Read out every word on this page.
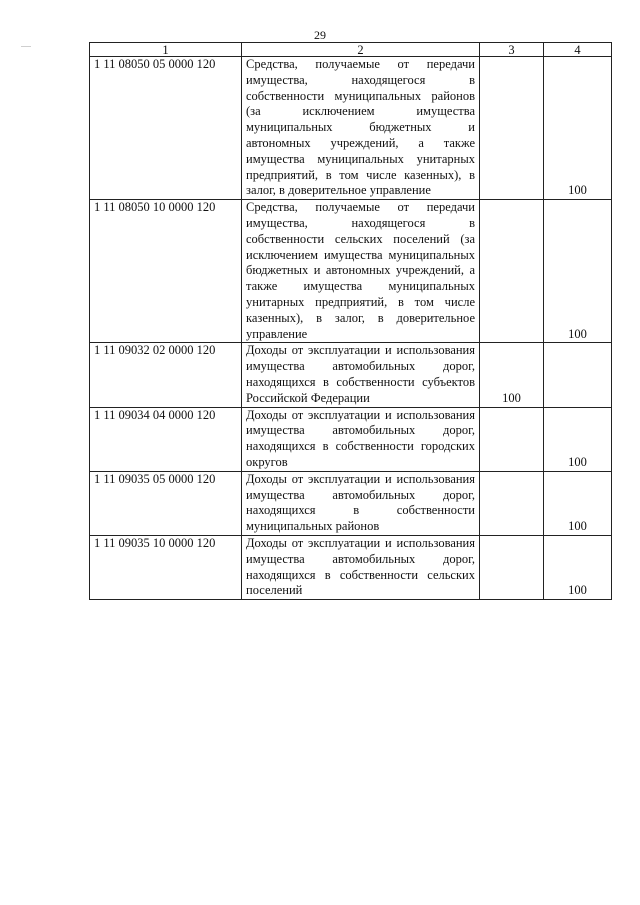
29
1	2	3	4
1 11 08050 05 0000 120	Средства, получаемые от передачи имущества, находящегося в собственности муниципальных районов (за исключением имущества муниципальных бюджетных и автономных учреждений, а также имущества муниципальных унитарных предприятий, в том числе казенных), в залог, в доверительное управление		100
1 11 08050 10 0000 120	Средства, получаемые от передачи имущества, находящегося в собственности сельских поселений (за исключением имущества муниципальных бюджетных и автономных учреждений, а также имущества муниципальных унитарных предприятий, в том числе казенных), в залог, в доверительное управление		100
1 11 09032 02 0000 120	Доходы от эксплуатации и использования имущества автомобильных дорог, находящихся в собственности субъектов Российской Федерации	100	
1 11 09034 04 0000 120	Доходы от эксплуатации и использования имущества автомобильных дорог, находящихся в собственности городских округов		100
1 11 09035 05 0000 120	Доходы от эксплуатации и использования имущества автомобильных дорог, находящихся в собственности муниципальных районов		100
1 11 09035 10 0000 120	Доходы от эксплуатации и использования имущества автомобильных дорог, находящихся в собственности сельских поселений		100
